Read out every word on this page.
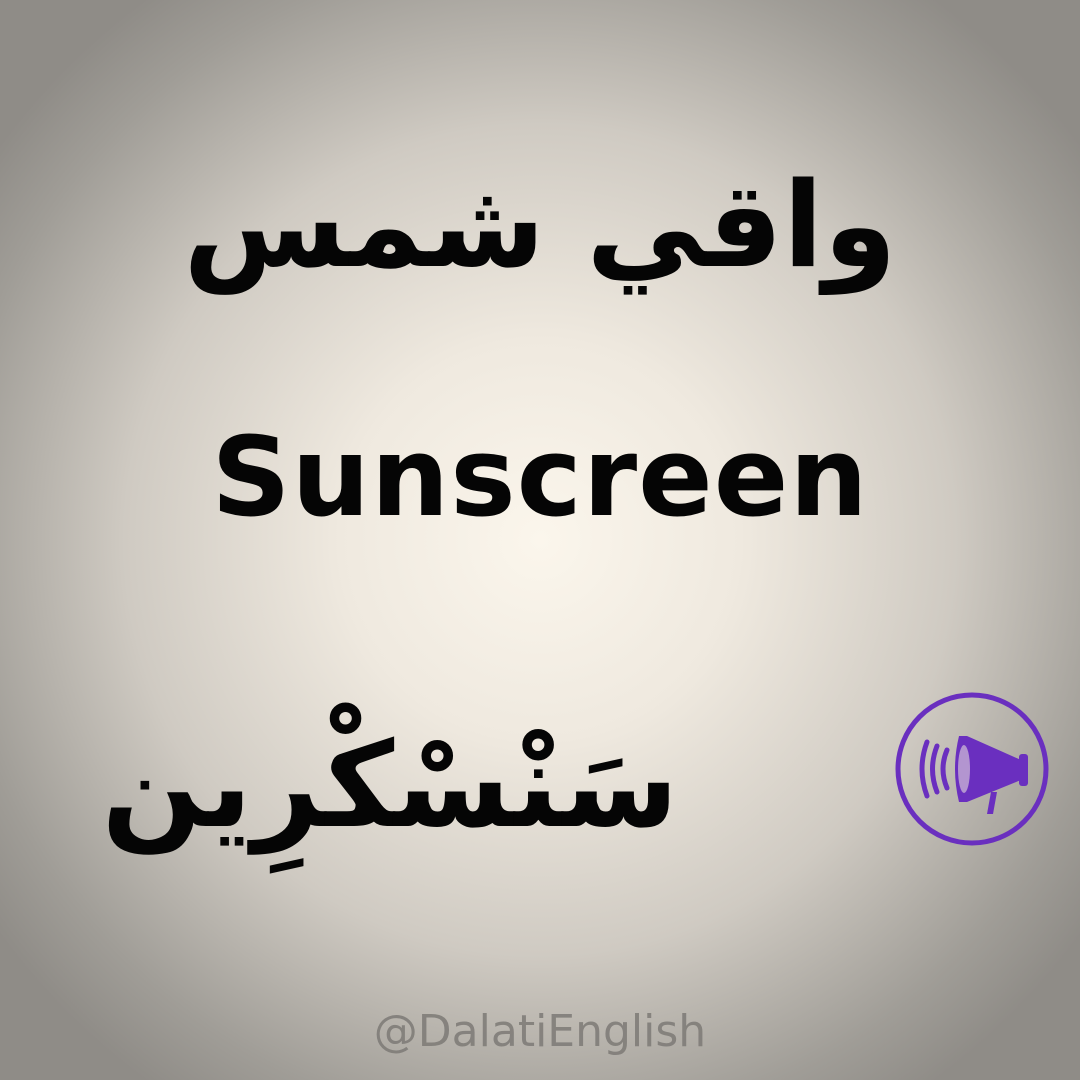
واقي شمس
Sunscreen
سَنْسْكْرِين
@DalatiEnglish
